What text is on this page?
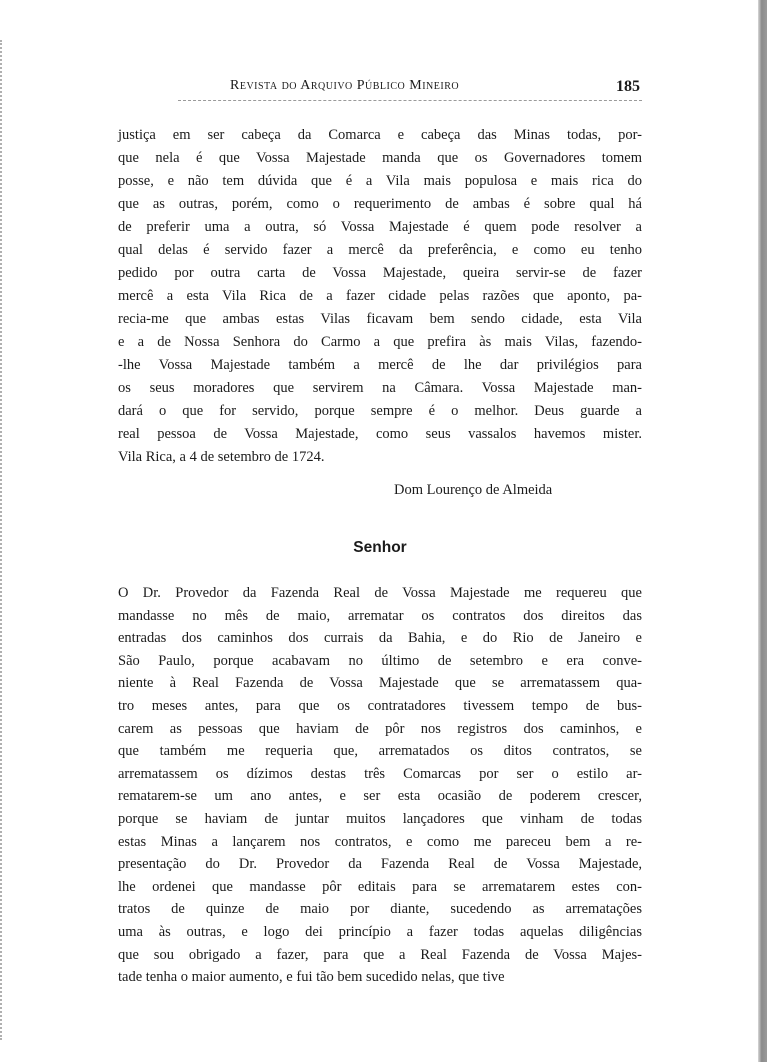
Revista do Arquivo Público Mineiro	185
justiça em ser cabeça da Comarca e cabeça das Minas todas, por-
que nela é que Vossa Majestade manda que os Governadores tomem
posse, e não tem dúvida que é a Vila mais populosa e mais rica do
que as outras, porém, como o requerimento de ambas é sobre qual há
de preferir uma a outra, só Vossa Majestade é quem pode resolver a
qual delas é servido fazer a mercê da preferência, e como eu tenho
pedido por outra carta de Vossa Majestade, queira servir-se de fazer
mercê a esta Vila Rica de a fazer cidade pelas razões que aponto, pa-
recia-me que ambas estas Vilas ficavam bem sendo cidade, esta Vila
e a de Nossa Senhora do Carmo a que prefira às mais Vilas, fazendo-
-lhe Vossa Majestade também a mercê de lhe dar privilégios para
os seus moradores que servirem na Câmara. Vossa Majestade man-
dará o que for servido, porque sempre é o melhor. Deus guarde a
real pessoa de Vossa Majestade, como seus vassalos havemos mister.
Vila Rica, a 4 de setembro de 1724.
Dom Lourenço de Almeida
Senhor
O Dr. Provedor da Fazenda Real de Vossa Majestade me requereu que
mandasse no mês de maio, arrematar os contratos dos direitos das
entradas dos caminhos dos currais da Bahia, e do Rio de Janeiro e
São Paulo, porque acabavam no último de setembro e era conve-
niente à Real Fazenda de Vossa Majestade que se arrematassem qua-
tro meses antes, para que os contratadores tivessem tempo de bus-
carem as pessoas que haviam de pôr nos registros dos caminhos, e
que também me requeria que, arrematados os ditos contratos, se
arrematassem os dízimos destas três Comarcas por ser o estilo ar-
rematarem-se um ano antes, e ser esta ocasião de poderem crescer,
porque se haviam de juntar muitos lançadores que vinham de todas
estas Minas a lançarem nos contratos, e como me pareceu bem a re-
presentação do Dr. Provedor da Fazenda Real de Vossa Majestade,
lhe ordenei que mandasse pôr editais para se arrematarem estes con-
tratos de quinze de maio por diante, sucedendo as arrematações
uma às outras, e logo dei princípio a fazer todas aquelas diligências
que sou obrigado a fazer, para que a Real Fazenda de Vossa Majes-
tade tenha o maior aumento, e fui tão bem sucedido nelas, que tive
